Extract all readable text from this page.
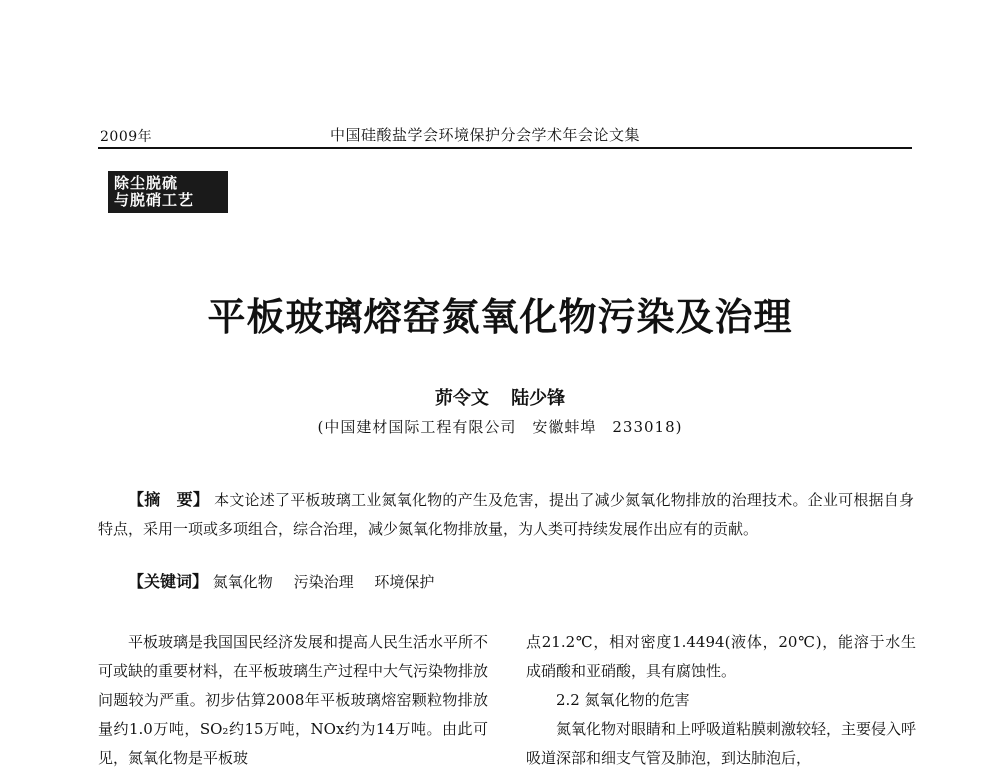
2009年	中国硅酸盐学会环境保护分会学术年会论文集
除尘脱硫
与脱硝工艺
平板玻璃熔窑氮氧化物污染及治理
茆令文 陆少锋
(中国建材国际工程有限公司　安徽蚌埠　233018)
【摘　要】 本文论述了平板玻璃工业氮氧化物的产生及危害，提出了减少氮氧化物排放的治理技术。企业可根据自身特点，采用一项或多项组合，综合治理，减少氮氧化物排放量，为人类可持续发展作出应有的贡献。
【关键词】 氮氧化物 污染治理 环境保护

平板玻璃是我国国民经济发展和提高人民生活水平所不可或缺的重要材料，在平板玻璃生产过程中大气污染物排放问题较为严重。初步估算2008年平板玻璃熔窑颗粒物排放量约1.0万吨，SO₂约15万吨，NOx约为14万吨。由此可见，氮氧化物是平板玻

点21.2℃，相对密度1.4494(液体，20℃)，能溶于水生成硝酸和亚硝酸，具有腐蚀性。

2.2 氮氧化物的危害

氮氧化物对眼睛和上呼吸道粘膜刺激较轻，主要侵入呼吸道深部和细支气管及肺泡，到达肺泡后，
